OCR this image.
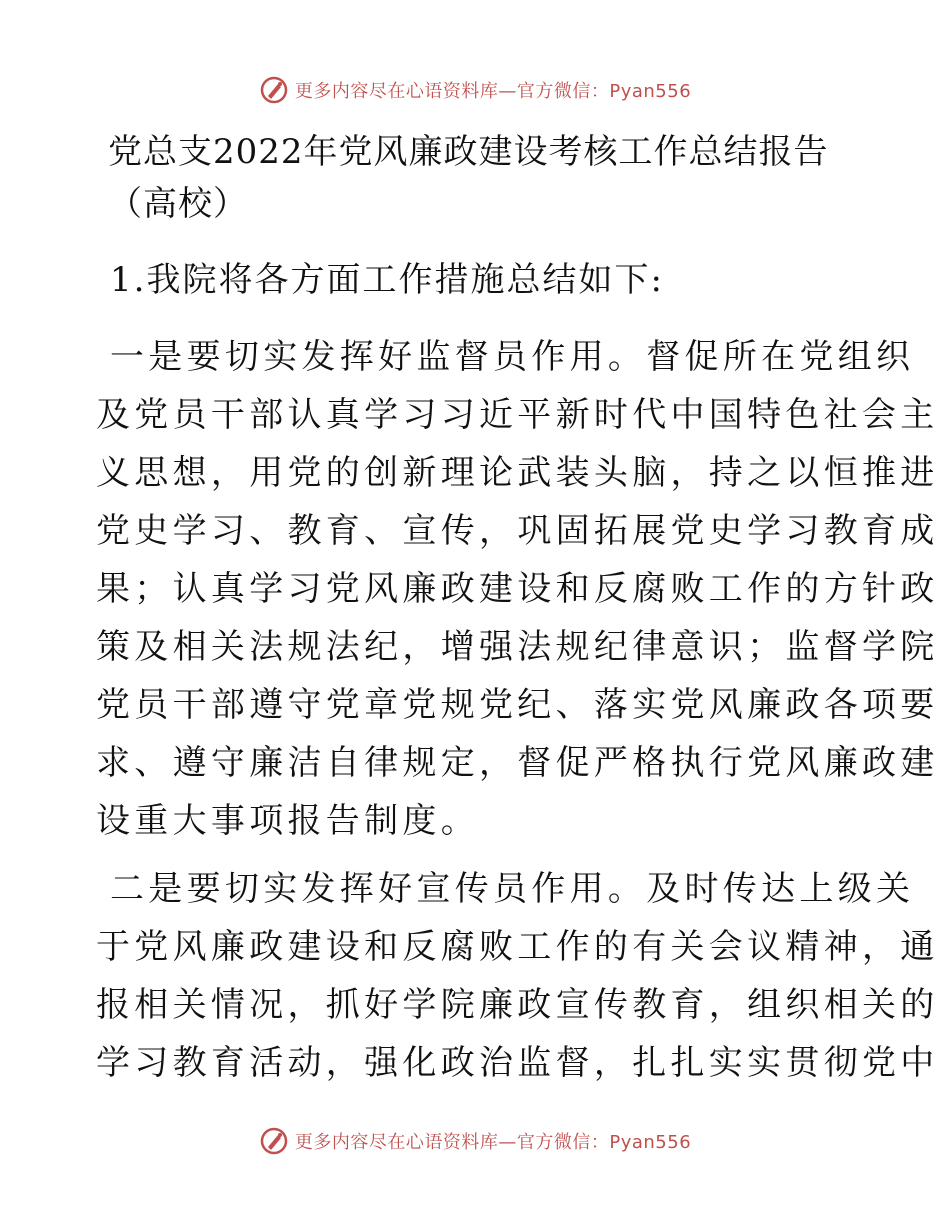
更多内容尽在心语资料库—官方微信：Pyan556
党总支2022年党风廉政建设考核工作总结报告
（高校）
1.我院将各方面工作措施总结如下:
一是要切实发挥好监督员作用。督促所在党组织
及党员干部认真学习习近平新时代中国特色社会主
义思想，用党的创新理论武装头脑，持之以恒推进
党史学习、教育、宣传，巩固拓展党史学习教育成
果；认真学习党风廉政建设和反腐败工作的方针政
策及相关法规法纪，增强法规纪律意识；监督学院
党员干部遵守党章党规党纪、落实党风廉政各项要
求、遵守廉洁自律规定，督促严格执行党风廉政建
设重大事项报告制度。
二是要切实发挥好宣传员作用。及时传达上级关
于党风廉政建设和反腐败工作的有关会议精神，通
报相关情况，抓好学院廉政宣传教育，组织相关的
学习教育活动，强化政治监督，扎扎实实贯彻党中
更多内容尽在心语资料库—官方微信：Pyan556
